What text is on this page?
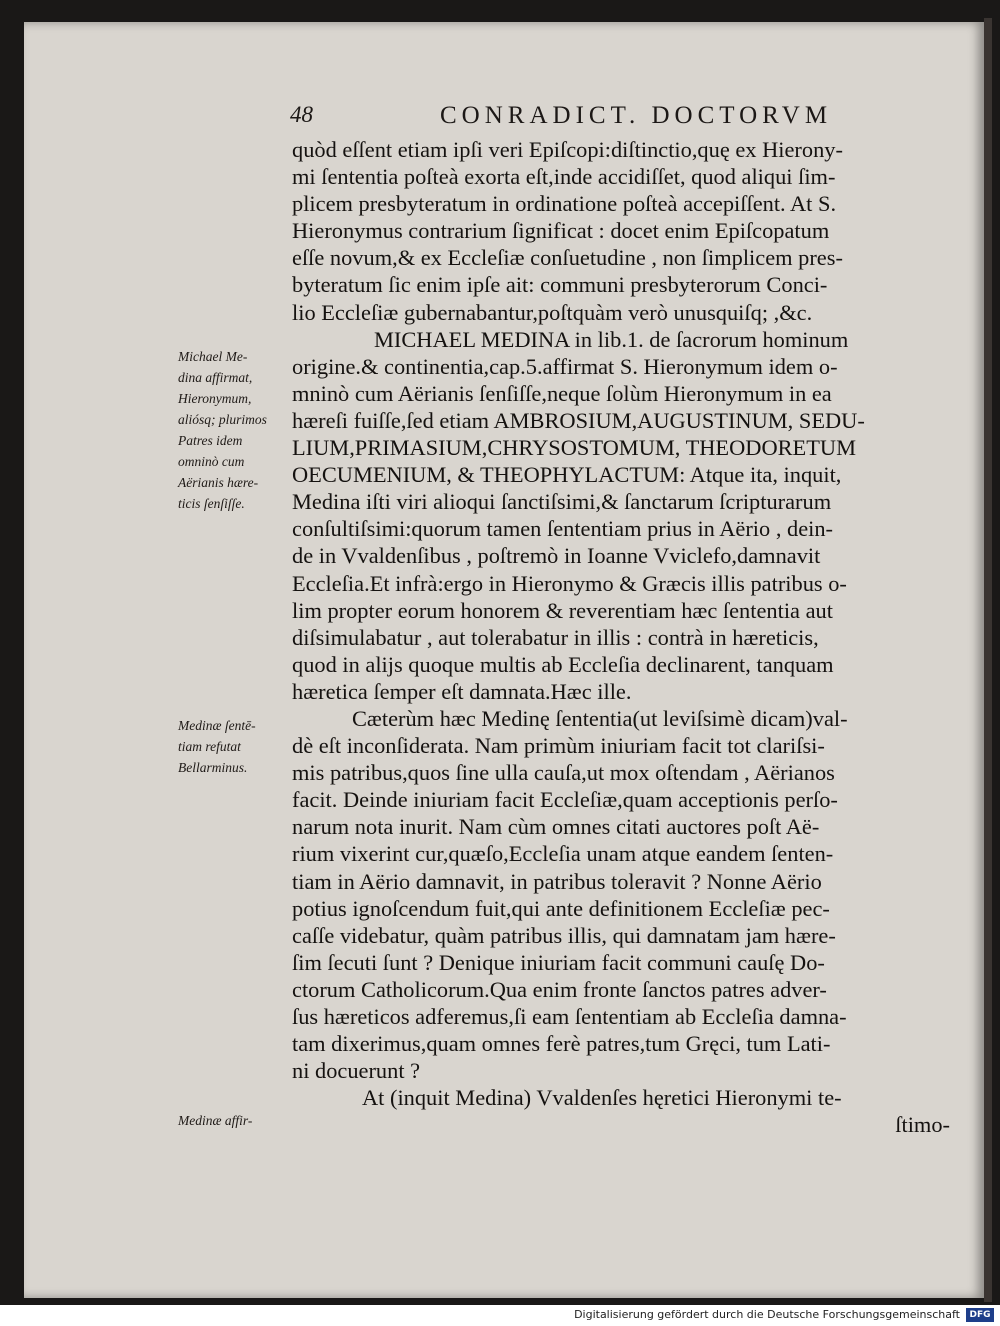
48	CONRADICT. DOCTORVM
quòd eſſent etiam ipſi veri Epiſcopi:diſtinctio,quę ex Hierony-
mi ſententia poſteà exorta eſt,inde accidiſſet, quod aliqui ſim-
plicem presbyteratum in ordinatione poſteà accepiſſent. At S.
Hieronymus contrarium ſignificat : docet enim Epiſcopatum
eſſe novum,& ex Eccleſiæ conſuetudine , non ſimplicem pres-
byteratum ſic enim ipſe ait: communi presbyterorum Conci-
lio Eccleſiæ gubernabantur,poſtquàm verò unusquiſq; ,&c.
MICHAEL MEDINA in lib.1. de ſacrorum hominum
origine.& continentia,cap.5.affirmat S. Hieronymum idem o-
mninò cum Aërianis ſenſiſſe,neque ſolùm Hieronymum in ea
hæreſi fuiſſe,ſed etiam AMBROSIUM,AUGUSTINUM, SEDU-
LIUM,PRIMASIUM,CHRYSOSTOMUM, THEODORETUM
OECUMENIUM, & THEOPHYLACTUM: Atque ita, inquit,
Medina iſti viri alioqui ſanctiſsimi,& ſanctarum ſcripturarum
conſultiſsimi:quorum tamen ſententiam prius in Aërio , dein-
de in Vvaldenſibus , poſtremò in Ioanne Vviclefo,damnavit
Eccleſia.Et infrà:ergo in Hieronymo & Græcis illis patribus o-
lim propter eorum honorem & reverentiam hæc ſententia aut
diſsimulabatur , aut tolerabatur in illis : contrà in hæreticis,
quod in alijs quoque multis ab Eccleſia declinarent, tanquam
hæretica ſemper eſt damnata.Hæc ille.
Cæterùm hæc Medinę ſententia(ut leviſsimè dicam)val-
dè eſt inconſiderata. Nam primùm iniuriam facit tot clariſsi-
mis patribus,quos ſine ulla cauſa,ut mox oſtendam , Aërianos
facit. Deinde iniuriam facit Eccleſiæ,quam acceptionis perſo-
narum nota inurit. Nam cùm omnes citati auctores poſt Aë-
rium vixerint cur,quæſo,Eccleſia unam atque eandem ſenten-
tiam in Aërio damnavit, in patribus toleravit ? Nonne Aërio
potius ignoſcendum fuit,qui ante definitionem Eccleſiæ pec-
caſſe videbatur, quàm patribus illis, qui damnatam jam hære-
ſim ſecuti ſunt ? Denique iniuriam facit communi cauſę Do-
ctorum Catholicorum.Qua enim fronte ſanctos patres adver-
ſus hæreticos adferemus,ſi eam ſententiam ab Eccleſia damna-
tam dixerimus,quam omnes ferè patres,tum Gręci, tum Lati-
ni docuerunt ?
At (inquit Medina) Vvaldenſes hęretici Hieronymi te-
ſtimo-
Michael Me-
dina affirmat,
Hieronymum,
aliósq; plurimos
Patres idem
omninò cum
Aërianis hære-
ticis ſenſiſſe.
Medinæ ſentē-
tiam refutat
Bellarminus.
Medinæ affir-
Digitalisierung gefördert durch die Deutsche Forschungsgemeinschaft	DFG
